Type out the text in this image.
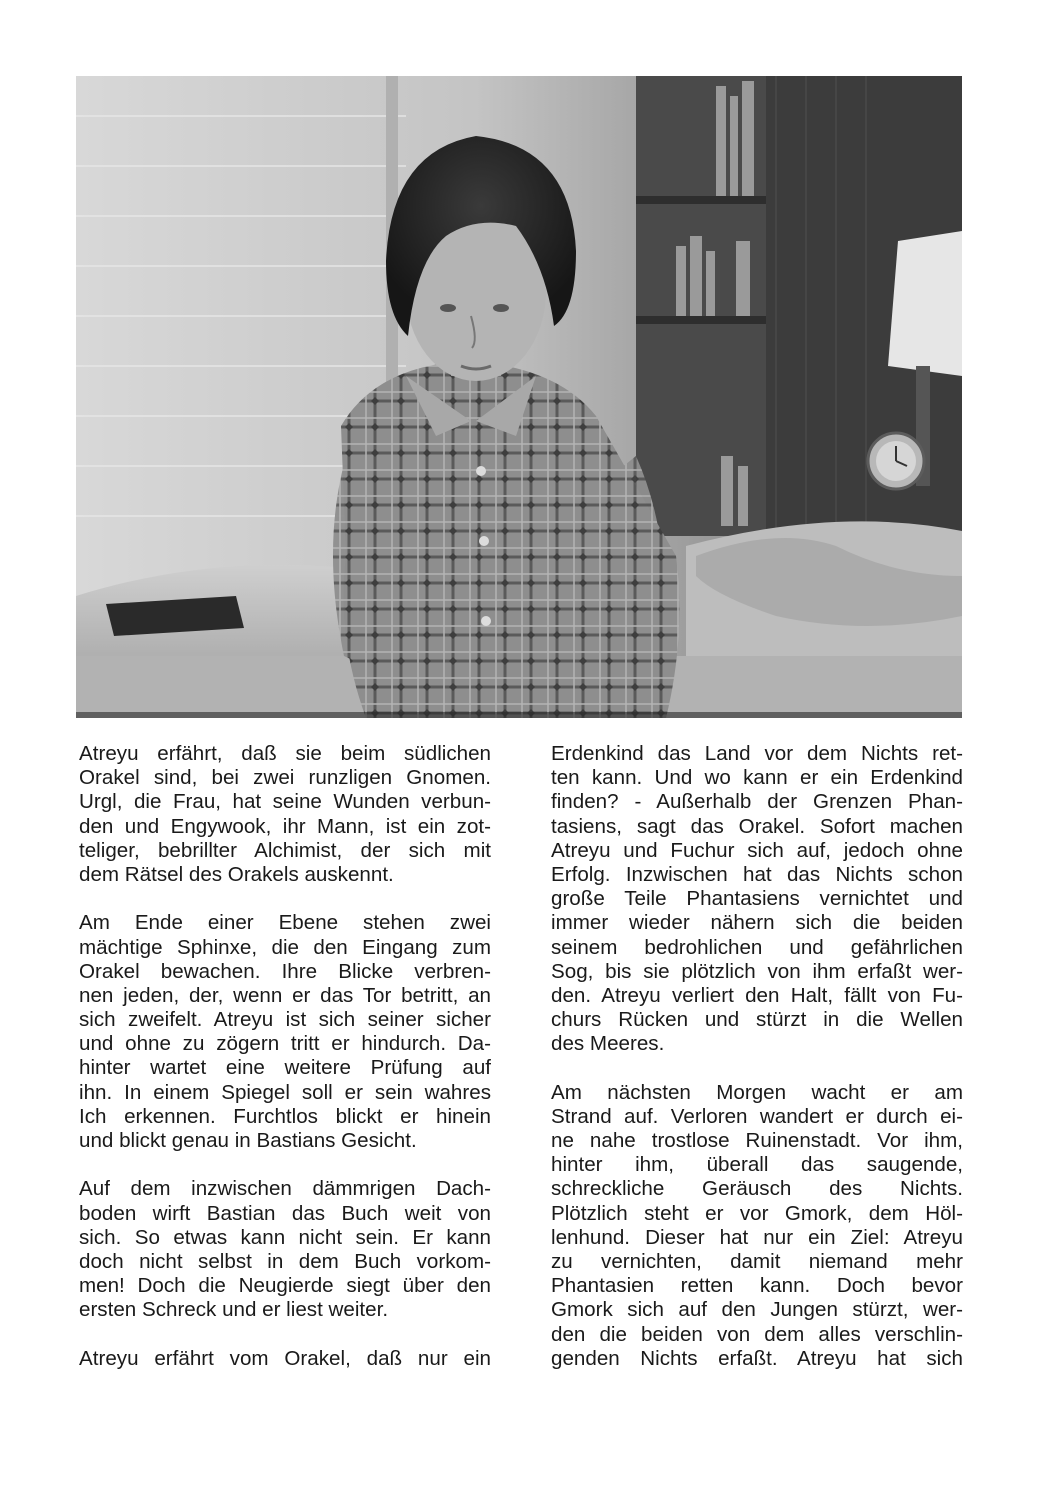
Atreyu erfährt, daß sie beim südlichen
Orakel sind, bei zwei runzligen Gnomen.
Urgl, die Frau, hat seine Wunden verbun-
den und Engywook, ihr Mann, ist ein zot-
teliger, bebrillter Alchimist, der sich mit
dem Rätsel des Orakels auskennt.
Am Ende einer Ebene stehen zwei
mächtige Sphinxe, die den Eingang zum
Orakel bewachen. Ihre Blicke verbren-
nen jeden, der, wenn er das Tor betritt, an
sich zweifelt. Atreyu ist sich seiner sicher
und ohne zu zögern tritt er hindurch. Da-
hinter wartet eine weitere Prüfung auf
ihn. In einem Spiegel soll er sein wahres
Ich erkennen. Furchtlos blickt er hinein
und blickt genau in Bastians Gesicht.
Auf dem inzwischen dämmrigen Dach-
boden wirft Bastian das Buch weit von
sich. So etwas kann nicht sein. Er kann
doch nicht selbst in dem Buch vorkom-
men! Doch die Neugierde siegt über den
ersten Schreck und er liest weiter.
Atreyu erfährt vom Orakel, daß nur ein
Erdenkind das Land vor dem Nichts ret-
ten kann. Und wo kann er ein Erdenkind
finden? - Außerhalb der Grenzen Phan-
tasiens, sagt das Orakel. Sofort machen
Atreyu und Fuchur sich auf, jedoch ohne
Erfolg. Inzwischen hat das Nichts schon
große Teile Phantasiens vernichtet und
immer wieder nähern sich die beiden
seinem bedrohlichen und gefährlichen
Sog, bis sie plötzlich von ihm erfaßt wer-
den. Atreyu verliert den Halt, fällt von Fu-
churs Rücken und stürzt in die Wellen
des Meeres.
Am nächsten Morgen wacht er am
Strand auf. Verloren wandert er durch ei-
ne nahe trostlose Ruinenstadt. Vor ihm,
hinter ihm, überall das saugende,
schreckliche Geräusch des Nichts.
Plötzlich steht er vor Gmork, dem Höl-
lenhund. Dieser hat nur ein Ziel: Atreyu
zu vernichten, damit niemand mehr
Phantasien retten kann. Doch bevor
Gmork sich auf den Jungen stürzt, wer-
den die beiden von dem alles verschlin-
genden Nichts erfaßt. Atreyu hat sich
